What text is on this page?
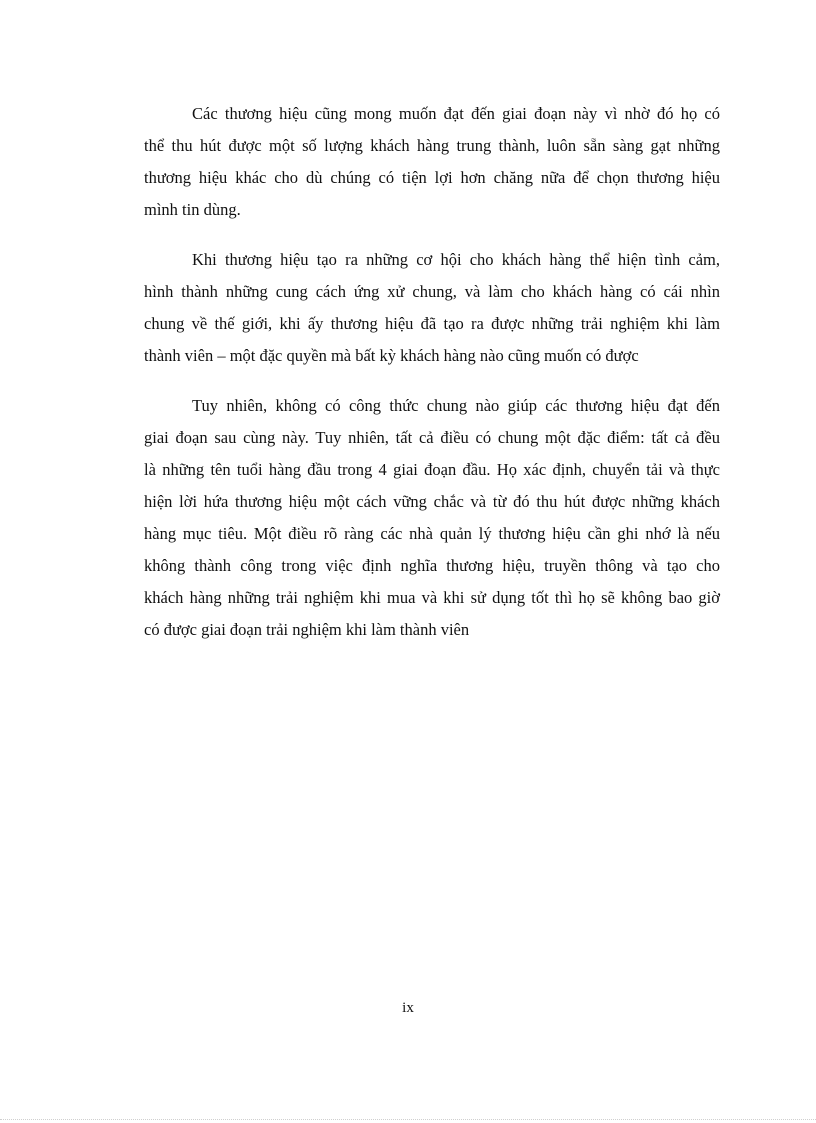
Các thương hiệu cũng mong muốn đạt đến giai đoạn này vì nhờ đó họ có
thể thu hút được một số lượng khách hàng trung thành, luôn sẵn sàng gạt những
thương hiệu khác cho dù chúng có tiện lợi hơn chăng nữa để chọn thương hiệu
mình tin dùng.

Khi thương hiệu tạo ra những cơ hội cho khách hàng thể hiện tình cảm,
hình thành những cung cách ứng xử chung, và làm cho khách hàng có cái nhìn
chung về thế giới, khi ấy thương hiệu đã tạo ra được những trải nghiệm khi làm
thành viên – một đặc quyền mà bất kỳ khách hàng nào cũng muốn có được

Tuy nhiên, không có công thức chung nào giúp các thương hiệu đạt đến
giai đoạn sau cùng này. Tuy nhiên, tất cả điều có chung một đặc điểm: tất cả đều
là những tên tuổi hàng đầu trong 4 giai đoạn đầu. Họ xác định, chuyển tải và thực
hiện lời hứa thương hiệu một cách vững chắc và từ đó thu hút được những khách
hàng mục tiêu. Một điều rõ ràng các nhà quản lý thương hiệu cần ghi nhớ là nếu
không thành công trong việc định nghĩa thương hiệu, truyền thông và tạo cho
khách hàng những trải nghiệm khi mua và khi sử dụng tốt thì họ sẽ không bao giờ
có được giai đoạn trải nghiệm khi làm thành viên

ix
